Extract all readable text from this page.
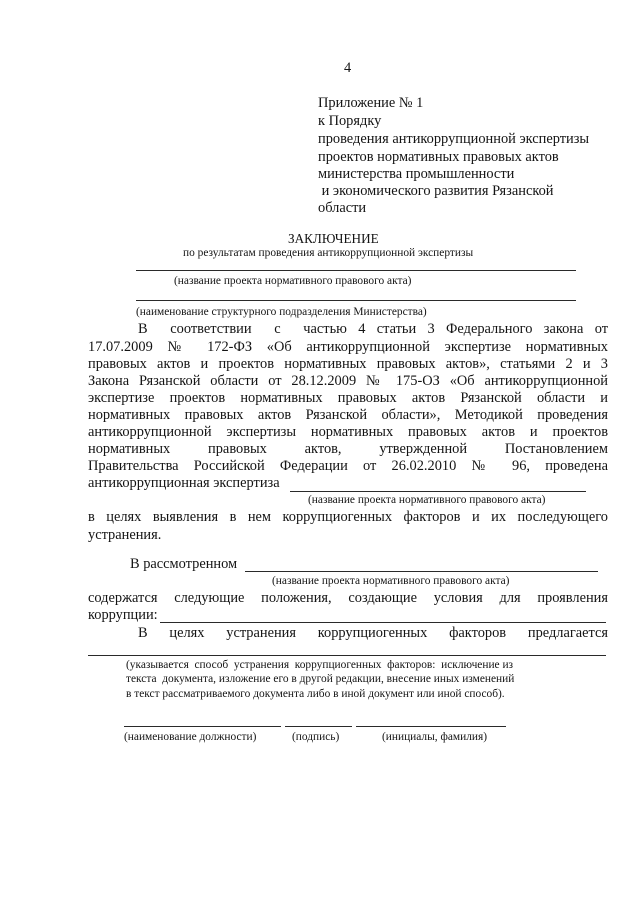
4
Приложение № 1
к Порядку
проведения антикоррупционной экспертизы
проектов нормативных правовых актов
министерства промышленности
и экономического развития Рязанской
области
ЗАКЛЮЧЕНИЕ
по результатам проведения антикоррупционной экспертизы
(название проекта нормативного правового акта)
(наименование структурного подразделения Министерства)
В  соответствии  с  частью 4 статьи 3 Федерального закона от
17.07.2009 № 172-ФЗ «Об антикоррупционной экспертизе нормативных
правовых актов и проектов нормативных правовых актов», статьями 2 и 3
Закона Рязанской области от 28.12.2009 № 175-ОЗ «Об антикоррупционной
экспертизе проектов нормативных правовых актов Рязанской области и
нормативных правовых актов Рязанской области», Методикой проведения
антикоррупционной экспертизы нормативных правовых актов и проектов
нормативных правовых актов, утвержденной Постановлением
Правительства Российской Федерации от 26.02.2010 № 96, проведена
антикоррупционная экспертиза
(название проекта нормативного правового акта)
в целях выявления в нем коррупциогенных факторов и их последующего
устранения.
В рассмотренном
(название проекта нормативного правового акта)
содержатся следующие положения, создающие условия для проявления
коррупции:
В  целях  устранения  коррупциогенных  факторов  предлагается
(указывается  способ  устранения  коррупциогенных  факторов:  исключение из
текста  документа, изложение его в другой редакции, внесение иных изменений
в текст рассматриваемого документа либо в иной документ или иной способ).
(наименование должности)	(подпись)	(инициалы, фамилия)
